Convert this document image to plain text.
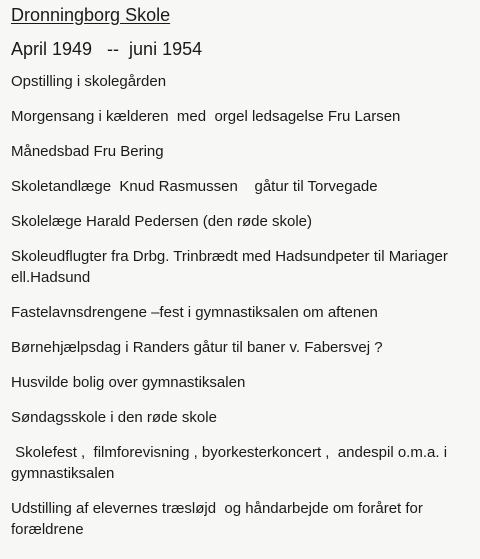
Dronningborg Skole
April 1949   --  juni 1954
Opstilling i skolegården
Morgensang i kælderen  med  orgel ledsagelse Fru Larsen
Månedsbad Fru Bering
Skoletandlæge  Knud Rasmussen    gåtur til Torvegade
Skolelæge Harald Pedersen (den røde skole)
Skoleudflugter fra Drbg. Trinbrædt med Hadsundpeter til Mariager ell.Hadsund
Fastelavnsdrengene –fest i gymnastiksalen om aftenen
Børnehjælpsdag i Randers gåtur til baner v. Fabersvej ?
Husvilde bolig over gymnastiksalen
Søndagsskole i den røde skole
Skolefest ,  filmforevisning , byorkesterkoncert ,  andespil o.m.a. i gymnastiksalen
Udstilling af elevernes træsløjd  og håndarbejde om foråret for forældrene
